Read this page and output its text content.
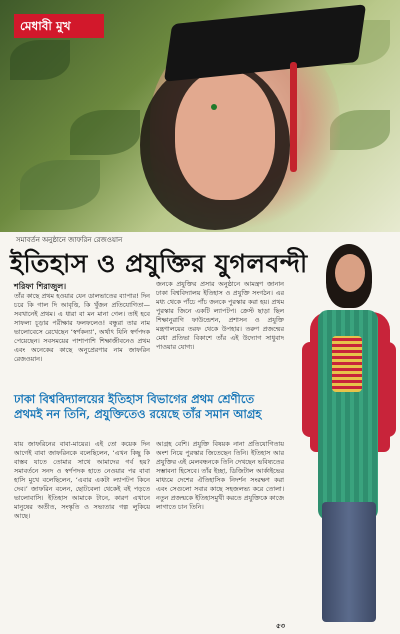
মেধাবী মুখ
সমাবর্তন অনুষ্ঠানে জাফরিন রেজওয়ান
ইতিহাস ও প্রযুক্তির যুগলবন্দী
শরিফা শিরাজুল।
তাঁর কাছে প্রথম হওয়ার যেন ডালভাতের ব্যাপার! দিন চরে কি গাল দি আবৃত্তি, কি খুঁজন প্রতিযোগিতা—সবখানেই প্রথম। এ ধারা বা মন মানা গেল। তাই হবে সাফল্য চূড়ার পরীক্ষার ফলফলেও! বন্ধুরা তার নাম ভালোবেসে রেখেছেন ‘স্বর্ণকন্যা’, অর্থাৎ যিনি স্বর্ণপদক পেয়েছেন। সবসময়ের পাশাপাশি শিক্ষাজীবনেও প্রথম এবং অনেকের কাছে অনুপ্রেরণার নাম জাফরিন রেজওয়ান।
জনকে প্রযুক্তির প্রসার অনুষ্ঠানে আমন্ত্রণ জানান ঢাকা বিশ্ববিদ্যালয় ইতিহাস ও প্রযুক্তি সংগঠন। এর মধ্য থেকে পাঁচে পাঁচ জনকে পুরস্কার করা হয়। প্রথম পুরস্কার জিনে একটি ল্যাপটপ। ক্রেস্ট ছাড়া ছিল শিক্ষানুরাগি ফাউন্ডেশন, প্রশাসন ও প্রযুক্তি মন্ত্রণালয়ের তরফ থেকে উপহার। তরুণ প্রজন্মের মেধা প্রতিভা বিকাশে তাঁর এই উদ্যোগ সাধুবাদ পাওয়ার যোগ্য।
ঢাকা বিশ্ববিদ্যালয়ের ইতিহাস বিভাগের প্রথম শ্রেণীতে প্রথমই নন তিনি, প্রযুক্তিতেও রয়েছে তাঁর সমান আগ্রহ
যায় জাফরিনের বাবা-মায়ের। এই তো কয়েক দিন আগেই বাবা জাফরিনকে বলেছিলেন, ‘এখন কিছু কি বাস্তব যাতে তোমার সাথে আমাদের গর্ব হয়? সমাবর্তনে সনদ ও স্বর্ণপদক হাতে নেওয়ার পর বাবা হাসি মুখে বলেছিলেন, ‘এবার একটা ল্যাপটপ কিনে দেব।’ জাফরিন বলেন, ছোটবেলা থেকেই বই পড়তে ভালোবাসি। ইতিহাস আমাকে টানে, কারণ এখানে মানুষের অতীত, সংস্কৃতি ও সভ্যতার গল্প লুকিয়ে আছে।
আগ্রহ বেশি। প্রযুক্তি বিষয়ক নানা প্রতিযোগিতায় অংশ নিয়ে পুরস্কার জিতেছেন তিনি। ইতিহাস আর প্রযুক্তির এই মেলবন্ধনকে তিনি দেখছেন ভবিষ্যতের সম্ভাবনা হিসেবে। তাঁর ইচ্ছা, ডিজিটাল আর্কাইভের মাধ্যমে দেশের ঐতিহাসিক নিদর্শন সংরক্ষণ করা এবং সেগুলো সবার কাছে সহজলভ্য করে তোলা। নতুন প্রজন্মকে ইতিহাসমুখী করতে প্রযুক্তিকে কাজে লাগাতে চান তিনি।
৫৩
